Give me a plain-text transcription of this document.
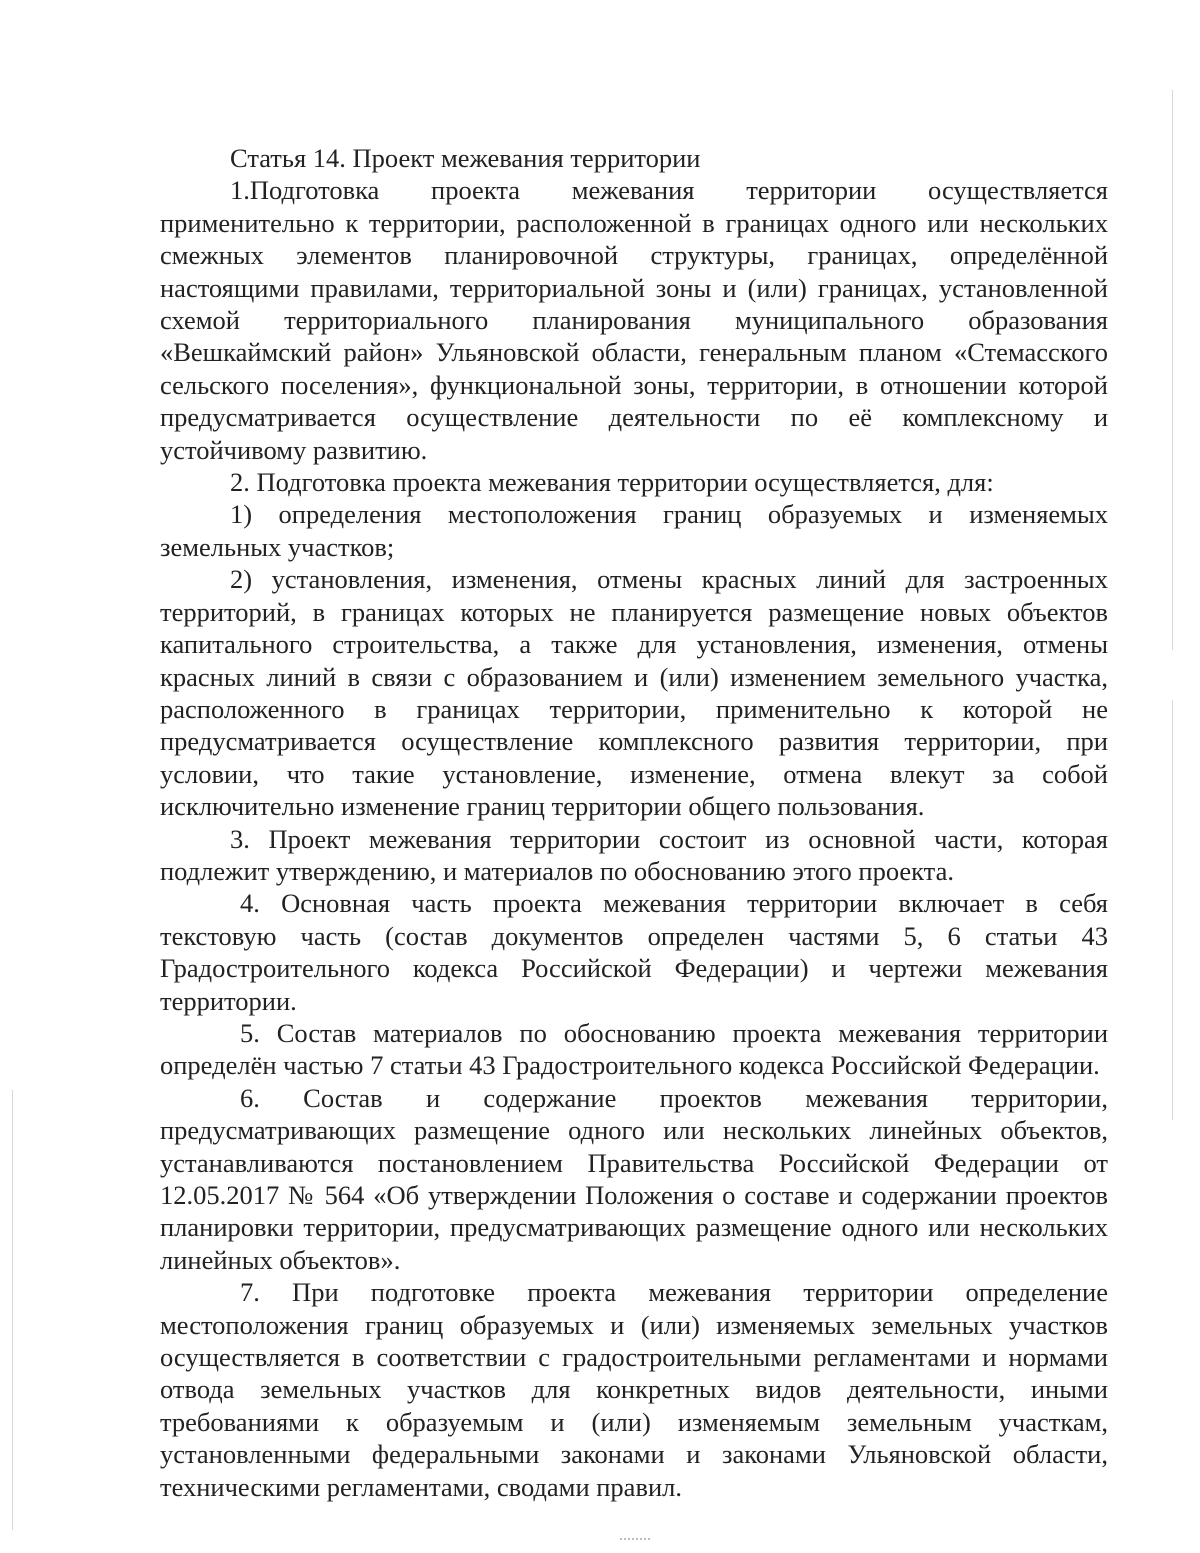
Статья 14. Проект межевания территории

1.Подготовка проекта межевания территории осуществляется применительно к территории, расположенной в границах одного или нескольких смежных элементов планировочной структуры, границах, определённой настоящими правилами, территориальной зоны и (или) границах, установленной схемой территориального планирования муниципального образования «Вешкаймский район» Ульяновской области, генеральным планом «Стемасского сельского поселения», функциональной зоны, территории, в отношении которой предусматривается осуществление деятельности по её комплексному и устойчивому развитию.

2. Подготовка проекта межевания территории осуществляется, для:

1) определения местоположения границ образуемых и изменяемых земельных участков;

2) установления, изменения, отмены красных линий для застроенных территорий, в границах которых не планируется размещение новых объектов капитального строительства, а также для установления, изменения, отмены красных линий в связи с образованием и (или) изменением земельного участка, расположенного в границах территории, применительно к которой не предусматривается осуществление комплексного развития территории, при условии, что такие установление, изменение, отмена влекут за собой исключительно изменение границ территории общего пользования.

3. Проект межевания территории состоит из основной части, которая подлежит утверждению, и материалов по обоснованию этого проекта.

4. Основная часть проекта межевания территории включает в себя текстовую часть (состав документов определен частями 5, 6 статьи 43 Градостроительного кодекса Российской Федерации) и чертежи межевания территории.

5. Состав материалов по обоснованию проекта межевания территории определён частью 7 статьи 43 Градостроительного кодекса Российской Федерации.

6. Состав и содержание проектов межевания территории, предусматривающих размещение одного или нескольких линейных объектов, устанавливаются постановлением Правительства Российской Федерации от 12.05.2017 № 564 «Об утверждении Положения о составе и содержании проектов планировки территории, предусматривающих размещение одного или нескольких линейных объектов».

7. При подготовке проекта межевания территории определение местоположения границ образуемых и (или) изменяемых земельных участков осуществляется в соответствии с градостроительными регламентами и нормами отвода земельных участков для конкретных видов деятельности, иными требованиями к образуемым и (или) изменяемым земельным участкам, установленными федеральными законами и законами Ульяновской области, техническими регламентами, сводами правил.
